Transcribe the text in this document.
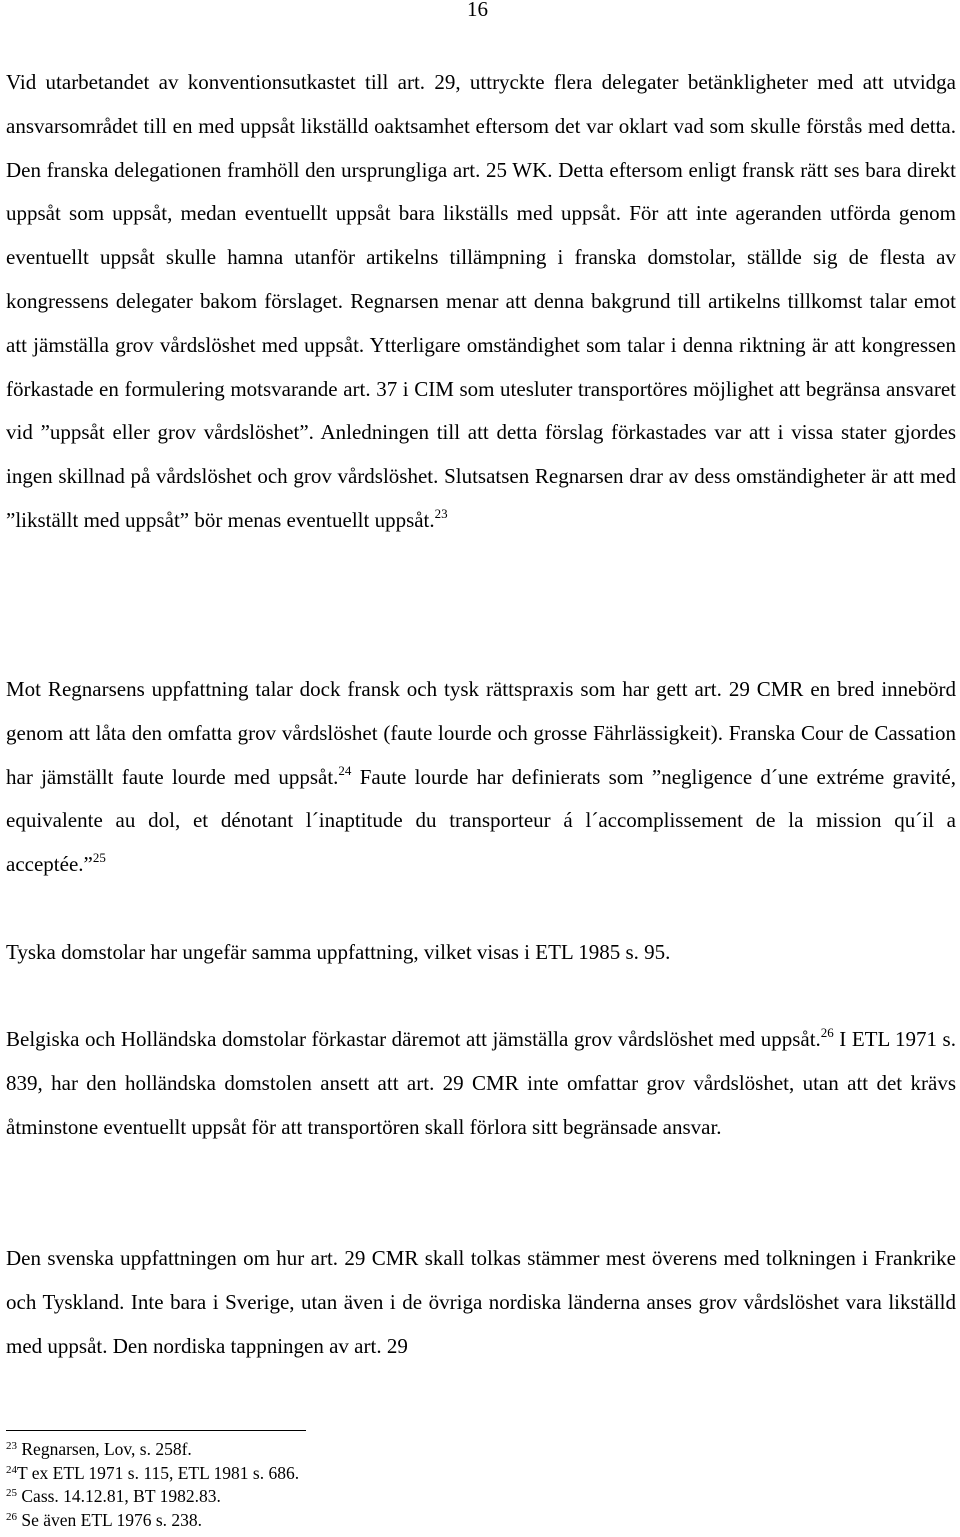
16

Vid utarbetandet av konventionsutkastet till art. 29, uttryckte flera delegater betänkligheter med att utvidga ansvarsområdet till en med uppsåt likställd oaktsamhet eftersom det var oklart vad som skulle förstås med detta. Den franska delegationen framhöll den ursprungliga art. 25 WK. Detta eftersom enligt fransk rätt ses bara direkt uppsåt som uppsåt, medan eventuellt uppsåt bara likställs med uppsåt. För att inte ageranden utförda genom eventuellt uppsåt skulle hamna utanför artikelns tillämpning i franska domstolar, ställde sig de flesta av kongressens delegater bakom förslaget. Regnarsen menar att denna bakgrund till artikelns tillkomst talar emot att jämställa grov vårdslöshet med uppsåt. Ytterligare omständighet som talar i denna riktning är att kongressen förkastade en formulering motsvarande art. 37 i CIM som utesluter transportöres möjlighet att begränsa ansvaret vid ”uppsåt eller grov vårdslöshet”. Anledningen till att detta förslag förkastades var att i vissa stater gjordes ingen skillnad på vårdslöshet och grov vårdslöshet. Slutsatsen Regnarsen drar av dess omständigheter är att med ”likställt med uppsåt” bör menas eventuellt uppsåt.$^{23}$

Mot Regnarsens uppfattning talar dock fransk och tysk rättspraxis som har gett art. 29 CMR en bred innebörd genom att låta den omfatta grov vårdslöshet (faute lourde och grosse Fährlässigkeit). Franska Cour de Cassation har jämställt faute lourde med uppsåt.$^{24}$ Faute lourde har definierats som ”negligence d´une extréme gravité, equivalente au dol, et dénotant l´inaptitude du transporteur á l´accomplissement de la mission qu´il a acceptée.”$^{25}$

Tyska domstolar har ungefär samma uppfattning, vilket visas i ETL 1985 s. 95.

Belgiska och Holländska domstolar förkastar däremot att jämställa grov vårdslöshet med uppsåt.$^{26}$ I ETL 1971 s. 839, har den holländska domstolen ansett att art. 29 CMR inte omfattar grov vårdslöshet, utan att det krävs åtminstone eventuellt uppsåt för att transportören skall förlora sitt begränsade ansvar.

Den svenska uppfattningen om hur art. 29 CMR skall tolkas stämmer mest överens med tolkningen i Frankrike och Tyskland. Inte bara i Sverige, utan även i de övriga nordiska länderna anses grov vårdslöshet vara likställd med uppsåt. Den nordiska tappningen av art. 29

$^{23}$ Regnarsen, Lov, s. 258f.
$^{24}$T ex ETL 1971 s. 115, ETL 1981 s. 686.
$^{25}$ Cass. 14.12.81, BT 1982.83.
$^{26}$ Se även ETL 1976 s. 238.
